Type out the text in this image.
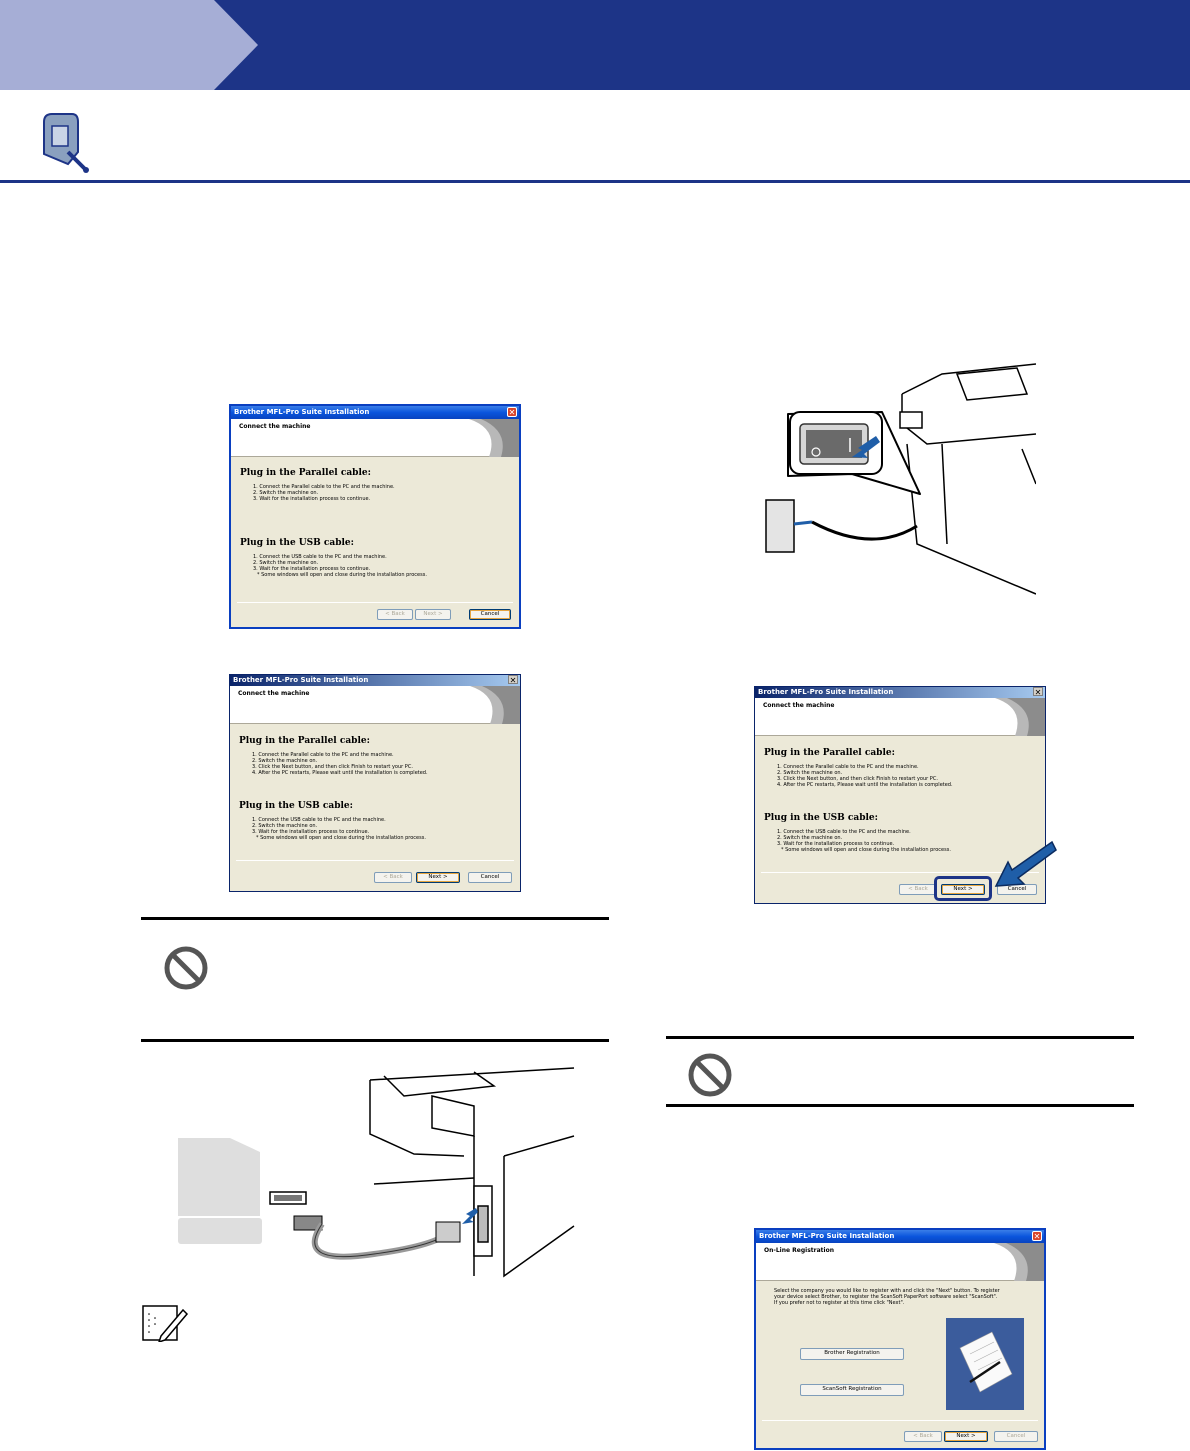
Brother MFL-Pro Suite Installation	✕
Connect the machine
Plug in the Parallel cable:
1. Connect the Parallel cable to the PC and the machine.
2. Switch the machine on.
3. Wait for the installation process to continue.
Plug in the USB cable:
1. Connect the USB cable to the PC and the machine.
2. Switch the machine on.
3. Wait for the installation process to continue.
* Some windows will open and close during the installation process.
< Back	Next >	Cancel
Brother MFL-Pro Suite Installation	✕
Connect the machine
Plug in the Parallel cable:
1. Connect the Parallel cable to the PC and the machine.
2. Switch the machine on.
3. Click the Next button, and then click Finish to restart your PC.
4. After the PC restarts, Please wait until the installation is completed.
Plug in the USB cable:
1. Connect the USB cable to the PC and the machine.
2. Switch the machine on.
3. Wait for the installation process to continue.
* Some windows will open and close during the installation process.
< Back	Next >	Cancel
Brother MFL-Pro Suite Installation	✕
Connect the machine
Plug in the Parallel cable:
1. Connect the Parallel cable to the PC and the machine.
2. Switch the machine on.
3. Click the Next button, and then click Finish to restart your PC.
4. After the PC restarts, Please wait until the installation is completed.
Plug in the USB cable:
1. Connect the USB cable to the PC and the machine.
2. Switch the machine on.
3. Wait for the installation process to continue.
* Some windows will open and close during the installation process.
< Back	Next >	Cancel
Brother MFL-Pro Suite Installation	✕
On-Line Registration
Select the company you would like to register with and click the "Next" button. To register
your device select Brother, to register the ScanSoft PaperPort software select "ScanSoft".
If you prefer not to register at this time click "Next".
Brother Registration
ScanSoft Registration
< Back	Next >	Cancel
